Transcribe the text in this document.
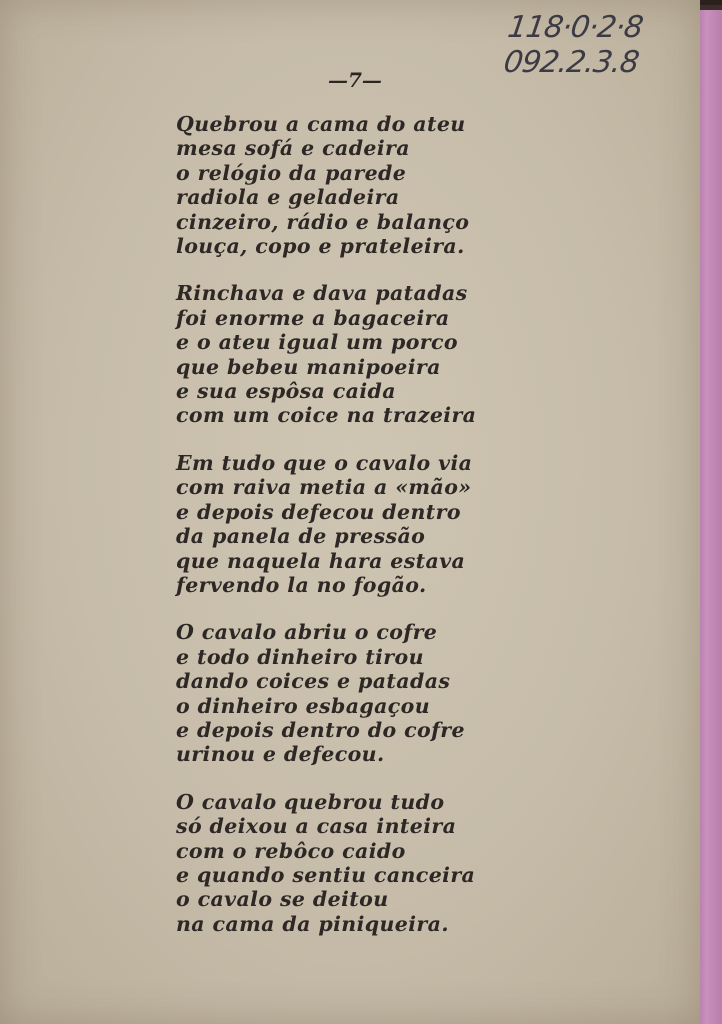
118·0·2·8
092.2.3.8
—7—
Quebrou a cama do ateu
mesa sofá e cadeira
o relógio da parede
radiola e geladeira
cinzeiro, rádio e balanço
louça, copo e prateleira.
Rinchava e dava patadas
foi enorme a bagaceira
e o ateu igual um porco
que bebeu manipoeira
e sua espôsa caida
com um coice na trazeira
Em tudo que o cavalo via
com raiva metia a «mão»
e depois defecou dentro
da panela de pressão
que naquela hara estava
fervendo la no fogão.
O cavalo abriu o cofre
e todo dinheiro tirou
dando coices e patadas
o dinheiro esbagaçou
e depois dentro do cofre
urinou e defecou.
O cavalo quebrou tudo
só deixou a casa inteira
com o rebôco caido
e quando sentiu canceira
o cavalo se deitou
na cama da piniqueira.
